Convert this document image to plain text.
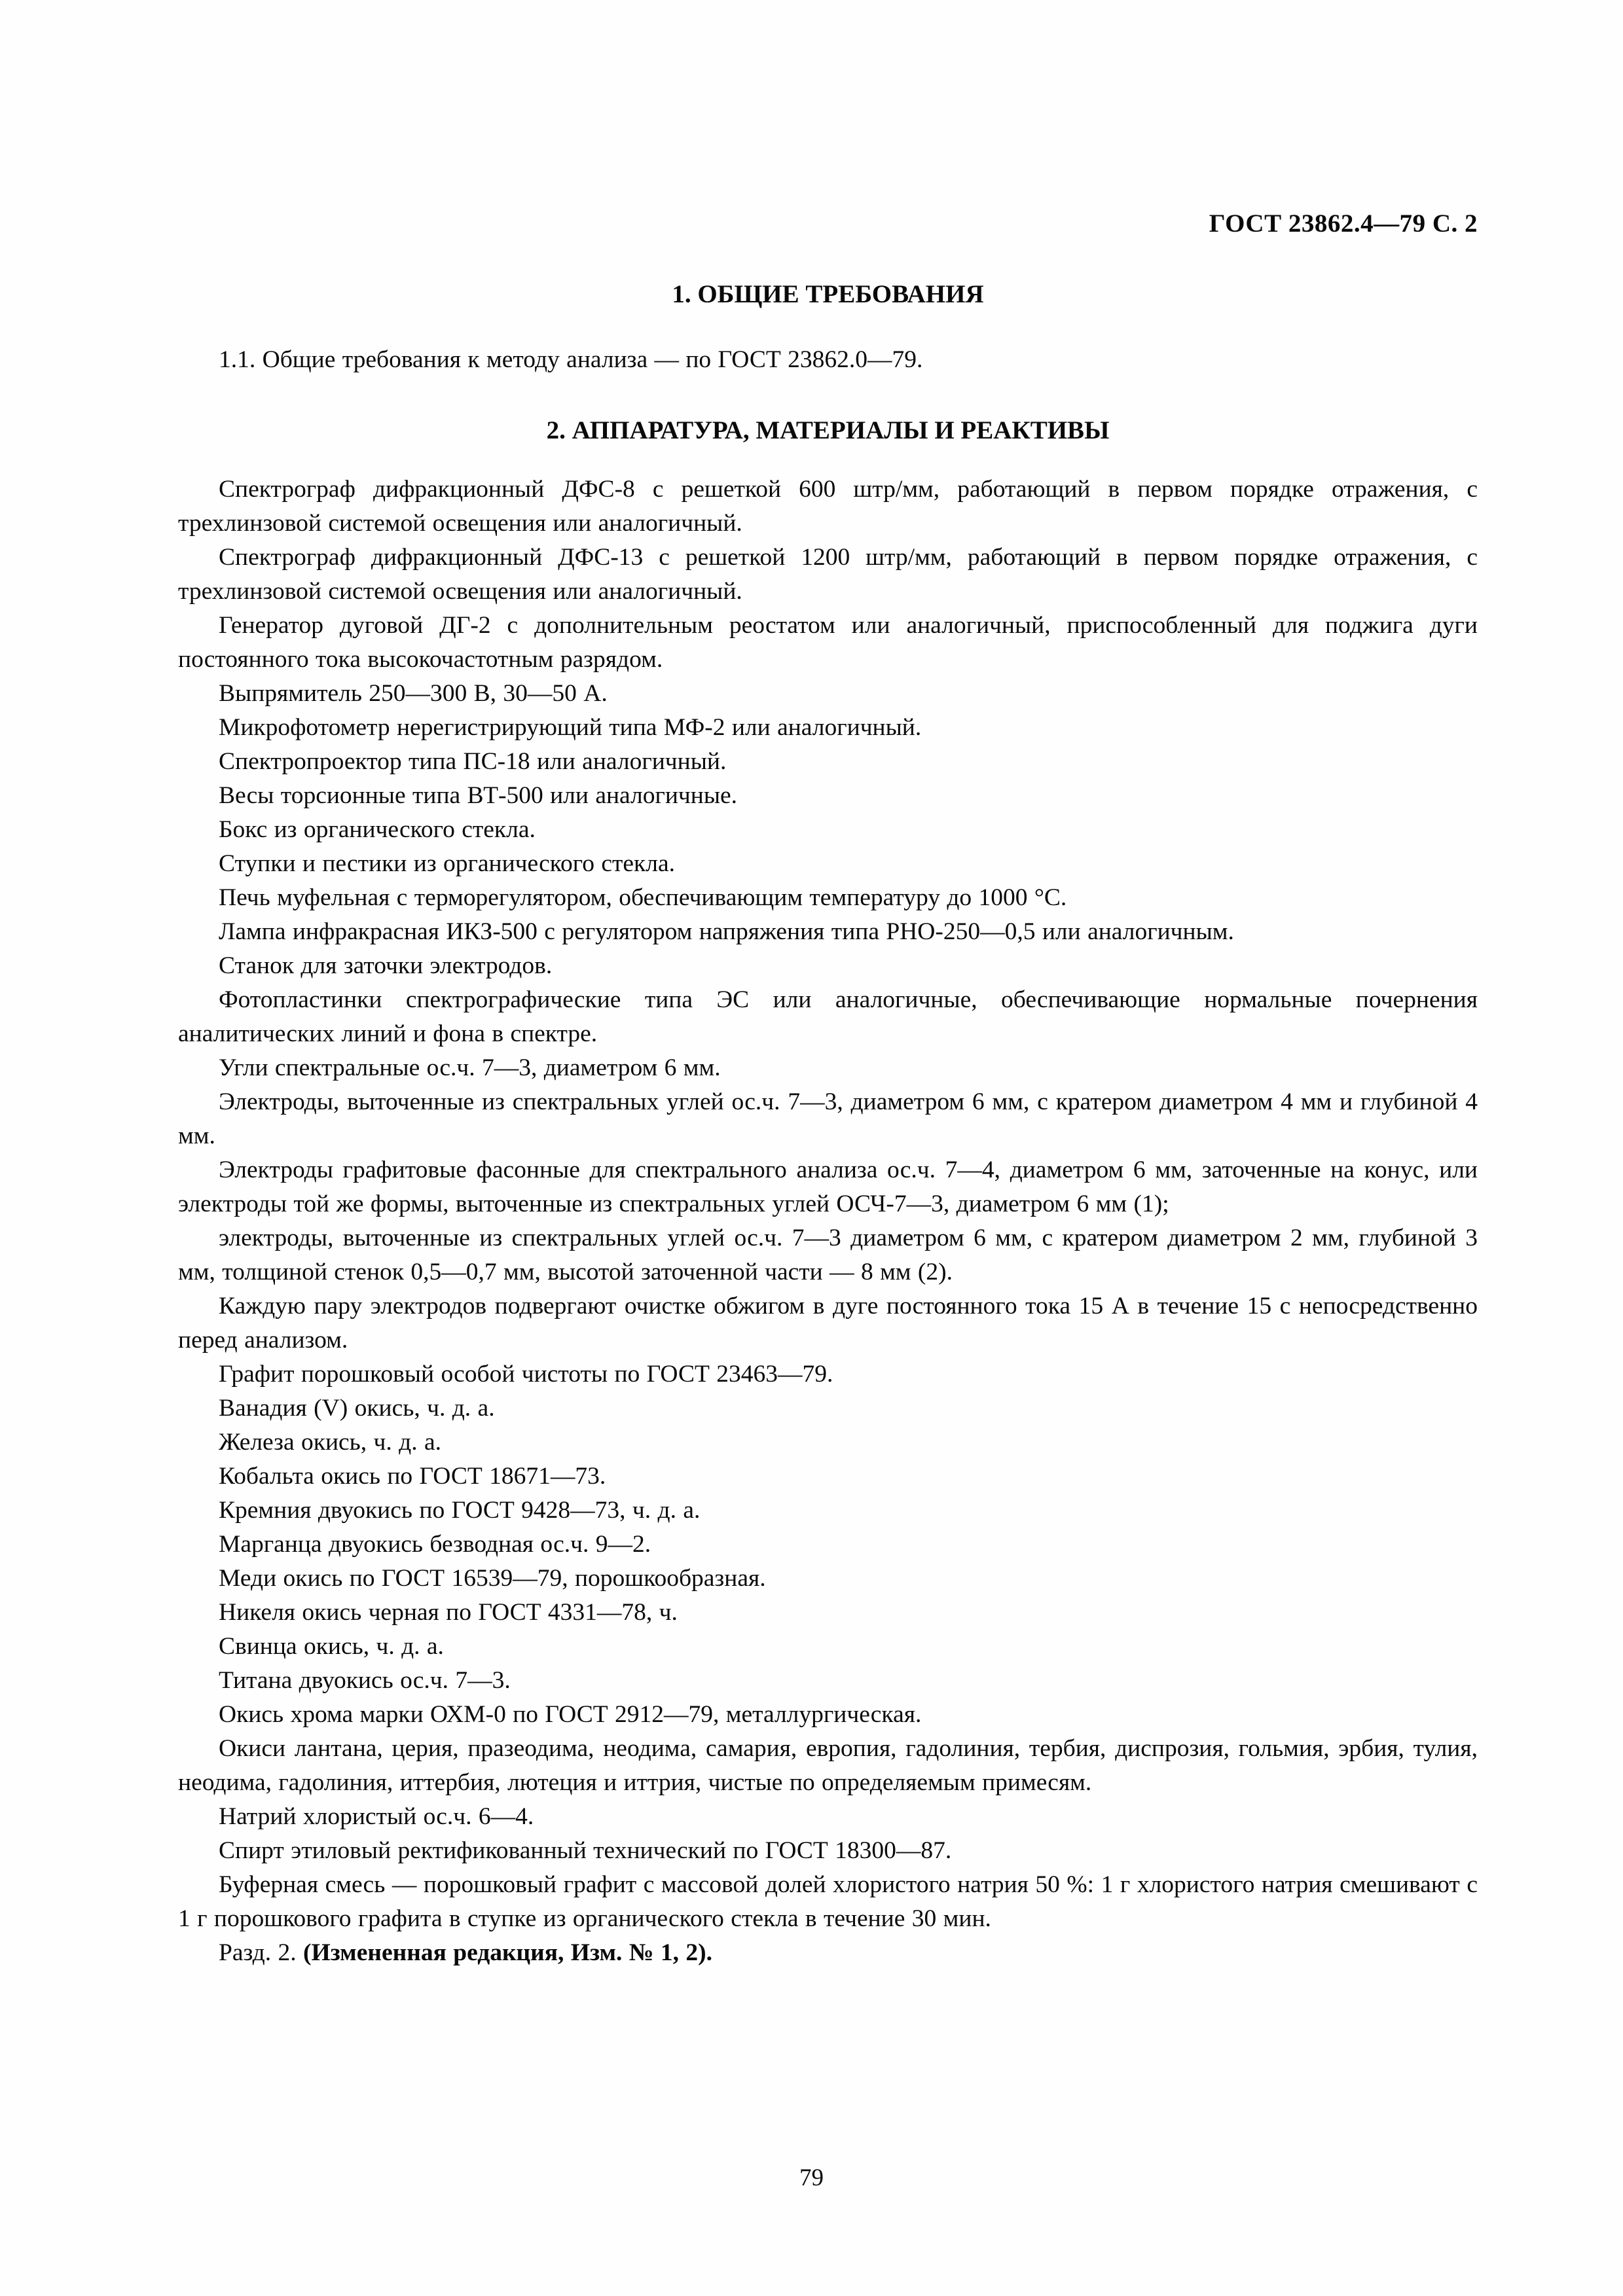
ГОСТ 23862.4—79 С. 2
1. ОБЩИЕ ТРЕБОВАНИЯ

1.1. Общие требования к методу анализа — по ГОСТ 23862.0—79.

2. АППАРАТУРА, МАТЕРИАЛЫ И РЕАКТИВЫ

Спектрограф дифракционный ДФС-8 с решеткой 600 штр/мм, работающий в первом порядке отражения, с трехлинзовой системой освещения или аналогичный.

Спектрограф дифракционный ДФС-13 с решеткой 1200 штр/мм, работающий в первом порядке отражения, с трехлинзовой системой освещения или аналогичный.

Генератор дуговой ДГ-2 с дополнительным реостатом или аналогичный, приспособленный для поджига дуги постоянного тока высокочастотным разрядом.

Выпрямитель 250—300 В, 30—50 А.

Микрофотометр нерегистрирующий типа МФ-2 или аналогичный.

Спектропроектор типа ПС-18 или аналогичный.

Весы торсионные типа ВТ-500 или аналогичные.

Бокс из органического стекла.

Ступки и пестики из органического стекла.

Печь муфельная с терморегулятором, обеспечивающим температуру до 1000 °С.

Лампа инфракрасная ИКЗ-500 с регулятором напряжения типа РНО-250—0,5 или аналогичным.

Станок для заточки электродов.

Фотопластинки спектрографические типа ЭС или аналогичные, обеспечивающие нормальные почернения аналитических линий и фона в спектре.

Угли спектральные ос.ч. 7—3, диаметром 6 мм.

Электроды, выточенные из спектральных углей ос.ч. 7—3, диаметром 6 мм, с кратером диаметром 4 мм и глубиной 4 мм.

Электроды графитовые фасонные для спектрального анализа ос.ч. 7—4, диаметром 6 мм, заточенные на конус, или электроды той же формы, выточенные из спектральных углей ОСЧ-7—3, диаметром 6 мм (1);

электроды, выточенные из спектральных углей ос.ч. 7—3 диаметром 6 мм, с кратером диаметром 2 мм, глубиной 3 мм, толщиной стенок 0,5—0,7 мм, высотой заточенной части — 8 мм (2).

Каждую пару электродов подвергают очистке обжигом в дуге постоянного тока 15 А в течение 15 с непосредственно перед анализом.

Графит порошковый особой чистоты по ГОСТ 23463—79.

Ванадия (V) окись, ч. д. а.

Железа окись, ч. д. а.

Кобальта окись по ГОСТ 18671—73.

Кремния двуокись по ГОСТ 9428—73, ч. д. а.

Марганца двуокись безводная ос.ч. 9—2.

Меди окись по ГОСТ 16539—79, порошкообразная.

Никеля окись черная по ГОСТ 4331—78, ч.

Свинца окись, ч. д. а.

Титана двуокись ос.ч. 7—3.

Окись хрома марки ОХМ-0 по ГОСТ 2912—79, металлургическая.

Окиси лантана, церия, празеодима, неодима, самария, европия, гадолиния, тербия, диспрозия, гольмия, эрбия, тулия, неодима, гадолиния, иттербия, лютеция и иттрия, чистые по определяемым примесям.

Натрий хлористый ос.ч. 6—4.

Спирт этиловый ректификованный технический по ГОСТ 18300—87.

Буферная смесь — порошковый графит с массовой долей хлористого натрия 50 %: 1 г хлористого натрия смешивают с 1 г порошкового графита в ступке из органического стекла в течение 30 мин.

Разд. 2. (Измененная редакция, Изм. № 1, 2).

79
